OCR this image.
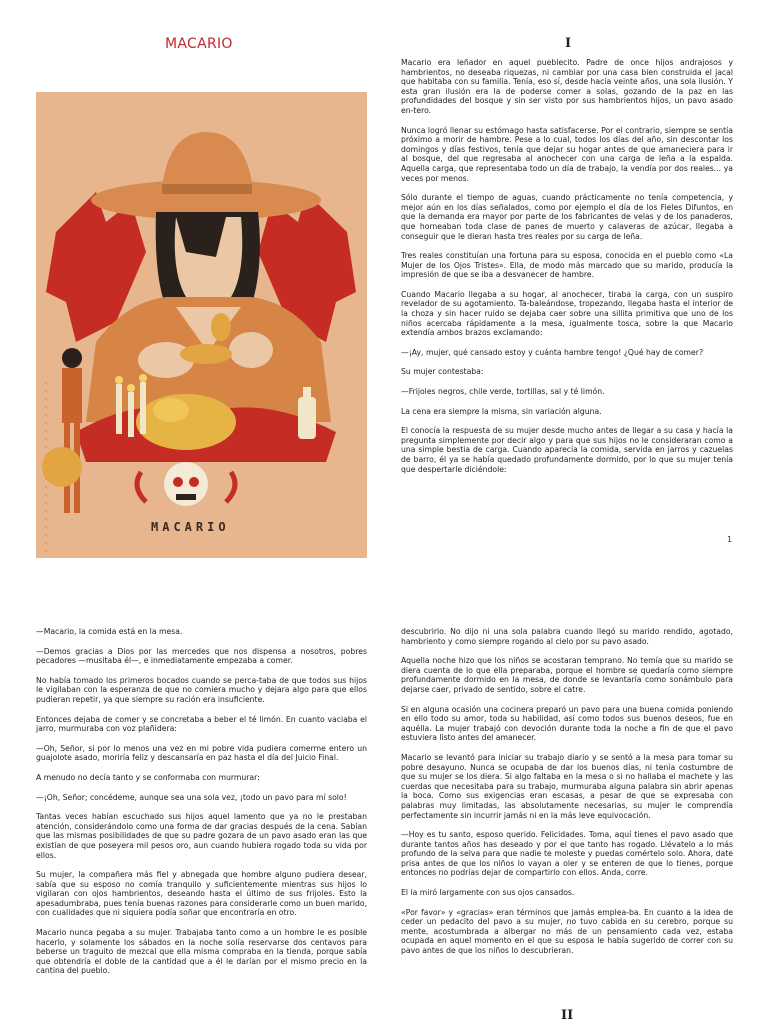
MACARIO	I
MACARIO

Macario era leñador en aquel pueblecito. Padre de once hijos andrajosos y hambrientos, no deseaba riquezas, ni cambiar por una casa bien construida el jacal que habitaba con su familia. Tenía, eso sí, desde hacía veinte años, una sola ilusión. Y esta gran ilusión era la de poderse comer a solas, gozando de la paz en las profundidades del bosque y sin ser visto por sus hambrientos hijos, un pavo asado en-tero.

Nunca logró llenar su estómago hasta satisfacerse. Por el contrario, siempre se sentía próximo a morir de hambre. Pese a lo cual, todos los días del año, sin descontar los domingos y días festivos, tenía que dejar su hogar antes de que amaneciera para ir al bosque, del que regresaba al anochecer con una carga de leña a la espalda. Aquella carga, que representaba todo un día de trabajo, la vendía por dos reales... ya veces por menos.

Sólo durante el tiempo de aguas, cuando prácticamente no tenía competencia, y mejor aún en los días señalados, como por ejemplo el día de los Fieles Difuntos, en que la demanda era mayor por parte de los fabricantes de velas y de los panaderos, que horneaban toda clase de panes de muerto y calaveras de azúcar, llegaba a conseguir que le dieran hasta tres reales por su carga de leña.

Tres reales constituían una fortuna para su esposa, conocida en el pueblo como «La Mujer de los Ojos Tristes». Ella, de modo más marcado que su marido, producía la impresión de que se iba a desvanecer de hambre.

Cuando Macario llegaba a su hogar, al anochecer, tiraba la carga, con un suspiro revelador de su agotamiento. Ta-baleándose, tropezando, llegaba hasta el interior de la choza y sin hacer ruido se dejaba caer sobre una sillita primitiva que uno de los niños acercaba rápidamente a la mesa, igualmente tosca, sobre la que Macario extendía ambos brazos exclamando:

—¡Ay, mujer, qué cansado estoy y cuánta hambre tengo! ¿Qué hay de comer?

Su mujer contestaba:

—Frijoles negros, chile verde, tortillas, sal y té limón.

La cena era siempre la misma, sin variación alguna.

El conocía la respuesta de su mujer desde mucho antes de llegar a su casa y hacía la pregunta simplemente por decir algo y para que sus hijos no le consideraran como a una simple bestia de carga. Cuando aparecía la comida, servida en jarros y cazuelas de barro, él ya se había quedado profundamente dormido, por lo que su mujer tenía que despertarle diciéndole:

1

—Macario, la comida está en la mesa.

—Demos gracias a Dios por las mercedes que nos dispensa a nosotros, pobres pecadores —musitaba él—, e inmediatamente empezaba a comer.

No había tomado los primeros bocados cuando se perca-taba de que todos sus hijos le vigilaban con la esperanza de que no comiera mucho y dejara algo para que ellos pudieran repetir, ya que siempre su ración era insuficiente.

Entonces dejaba de comer y se concretaba a beber el té limón. En cuanto vaciaba el jarro, murmuraba con voz plañidera:

—Oh, Señor, si por lo menos una vez en mi pobre vida pudiera comerme entero un guajolote asado, moriría feliz y descansaría en paz hasta el día del Juicio Final.

A menudo no decía tanto y se conformaba con murmurar:

—¡Oh, Señor; concédeme, aunque sea una sola vez, ¡todo un pavo para mí solo!

Tantas veces habían escuchado sus hijos aquel lamento que ya no le prestaban atención, considerándolo como una forma de dar gracias después de la cena. Sabían que las mismas posibilidades de que su padre gozara de un pavo asado eran las que existían de que poseyera mil pesos oro, aun cuando hubiera rogado toda su vida por ellos.

Su mujer, la compañera más fiel y abnegada que hombre alguno pudiera desear, sabía que su esposo no comía tranquilo y suficientemente mientras sus hijos lo vigilaran con ojos hambrientos, deseando hasta el último de sus frijoles. Esto la apesadumbraba, pues tenía buenas razones para considerarle como un buen marido, con cualidades que ni siquiera podía soñar que encontraría en otro.

Macario nunca pegaba a su mujer. Trabajaba tanto como a un hombre le es posible hacerlo, y solamente los sábados en la noche solía reservarse dos centavos para beberse un traguito de mezcal que ella misma compraba en la tienda, porque sabía que obtendría el doble de la cantidad que a él le darían por el mismo precio en la cantina del pueblo.

descubrirlo. No dijo ni una sola palabra cuando llegó su marido rendido, agotado, hambriento y como siempre rogando al cielo por su pavo asado.

Aquella noche hizo que los niños se acostaran temprano. No temía que su marido se diera cuenta de lo que ella preparaba, porque el hombre se quedaría como siempre profundamente dormido en la mesa, de donde se levantaría como sonámbulo para dejarse caer, privado de sentido, sobre el catre.

Si en alguna ocasión una cocinera preparó un pavo para una buena comida poniendo en ello todo su amor, toda su habilidad, así como todos sus buenos deseos, fue en aquélla. La mujer trabajó con devoción durante toda la noche a fin de que el pavo estuviera listo antes del amanecer.

Macario se levantó para iniciar su trabajo diario y se sentó a la mesa para tomar su pobre desayuno. Nunca se ocupaba de dar los buenos días, ni tenía costumbre de que su mujer se los diera. Si algo faltaba en la mesa o si no hallaba el machete y las cuerdas que necesitaba para su trabajo, murmuraba alguna palabra sin abrir apenas la boca. Como sus exigencias eran escasas, a pesar de que se expresaba con palabras muy limitadas, las absolutamente necesarias, su mujer le comprendía perfectamente sin incurrir jamás ni en la más leve equivocación.

—Hoy es tu santo, esposo querido. Felicidades. Toma, aquí tienes el pavo asado que durante tantos años has deseado y por el que tanto has rogado. Llévatelo a lo más profundo de la selva para que nadie te moleste y puedas comértelo solo. Ahora, date prisa antes de que los niños lo vayan a oler y se enteren de que lo tienes, porque entonces no podrías dejar de compartirlo con ellos. Anda, corre.

El la miró largamente con sus ojos cansados.

«Por favor» y «gracias» eran términos que jamás emplea-ba. En cuanto a la idea de ceder un pedacito del pavo a su mujer, no tuvo cabida en su cerebro, porque su mente, acostumbrada a albergar no más de un pensamiento cada vez, estaba ocupada en aquel momento en el que su esposa le había sugerido de correr con su pavo antes de que los niños lo descubrieran.

II
